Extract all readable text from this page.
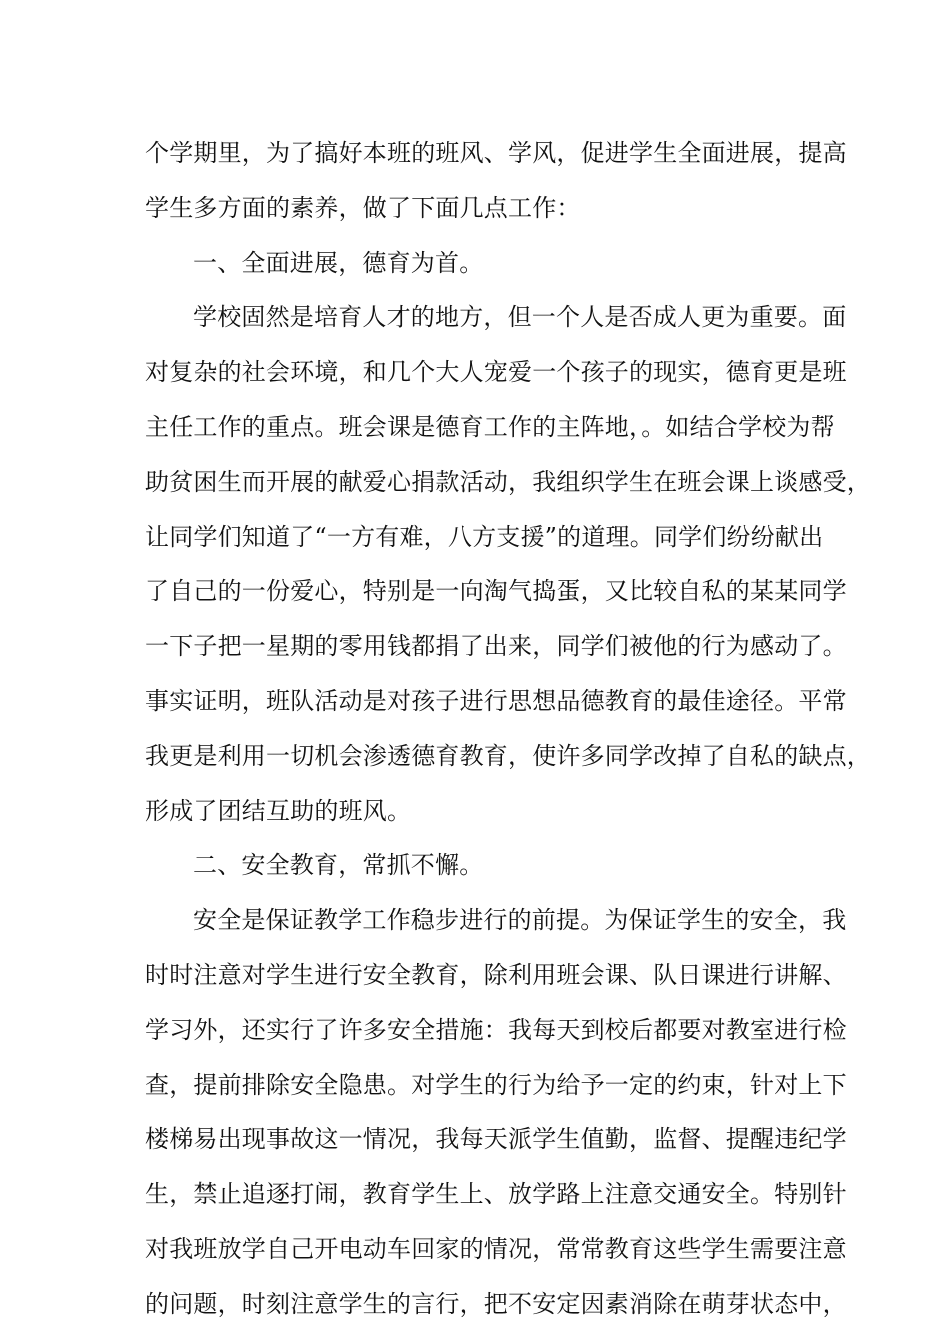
个学期里，为了搞好本班的班风、学风，促进学生全面进展，提高
学生多方面的素养，做了下面几点工作：
一、全面进展，德育为首。
学校固然是培育人才的地方，但一个人是否成人更为重要。面
对复杂的社会环境，和几个大人宠爱一个孩子的现实，德育更是班
主任工作的重点。班会课是德育工作的主阵地，。如结合学校为帮
助贫困生而开展的献爱心捐款活动，我组织学生在班会课上谈感受，
让同学们知道了“一方有难，八方支援”的道理。同学们纷纷献出
了自己的一份爱心，特别是一向淘气捣蛋，又比较自私的某某同学
一下子把一星期的零用钱都捐了出来，同学们被他的行为感动了。
事实证明，班队活动是对孩子进行思想品德教育的最佳途径。平常
我更是利用一切机会渗透德育教育，使许多同学改掉了自私的缺点，
形成了团结互助的班风。
二、安全教育，常抓不懈。
安全是保证教学工作稳步进行的前提。为保证学生的安全，我
时时注意对学生进行安全教育，除利用班会课、队日课进行讲解、
学习外，还实行了许多安全措施：我每天到校后都要对教室进行检
查，提前排除安全隐患。对学生的行为给予一定的约束，针对上下
楼梯易出现事故这一情况，我每天派学生值勤，监督、提醒违纪学
生，禁止追逐打闹，教育学生上、放学路上注意交通安全。特别针
对我班放学自己开电动车回家的情况，常常教育这些学生需要注意
的问题，时刻注意学生的言行，把不安定因素消除在萌芽状态中，
